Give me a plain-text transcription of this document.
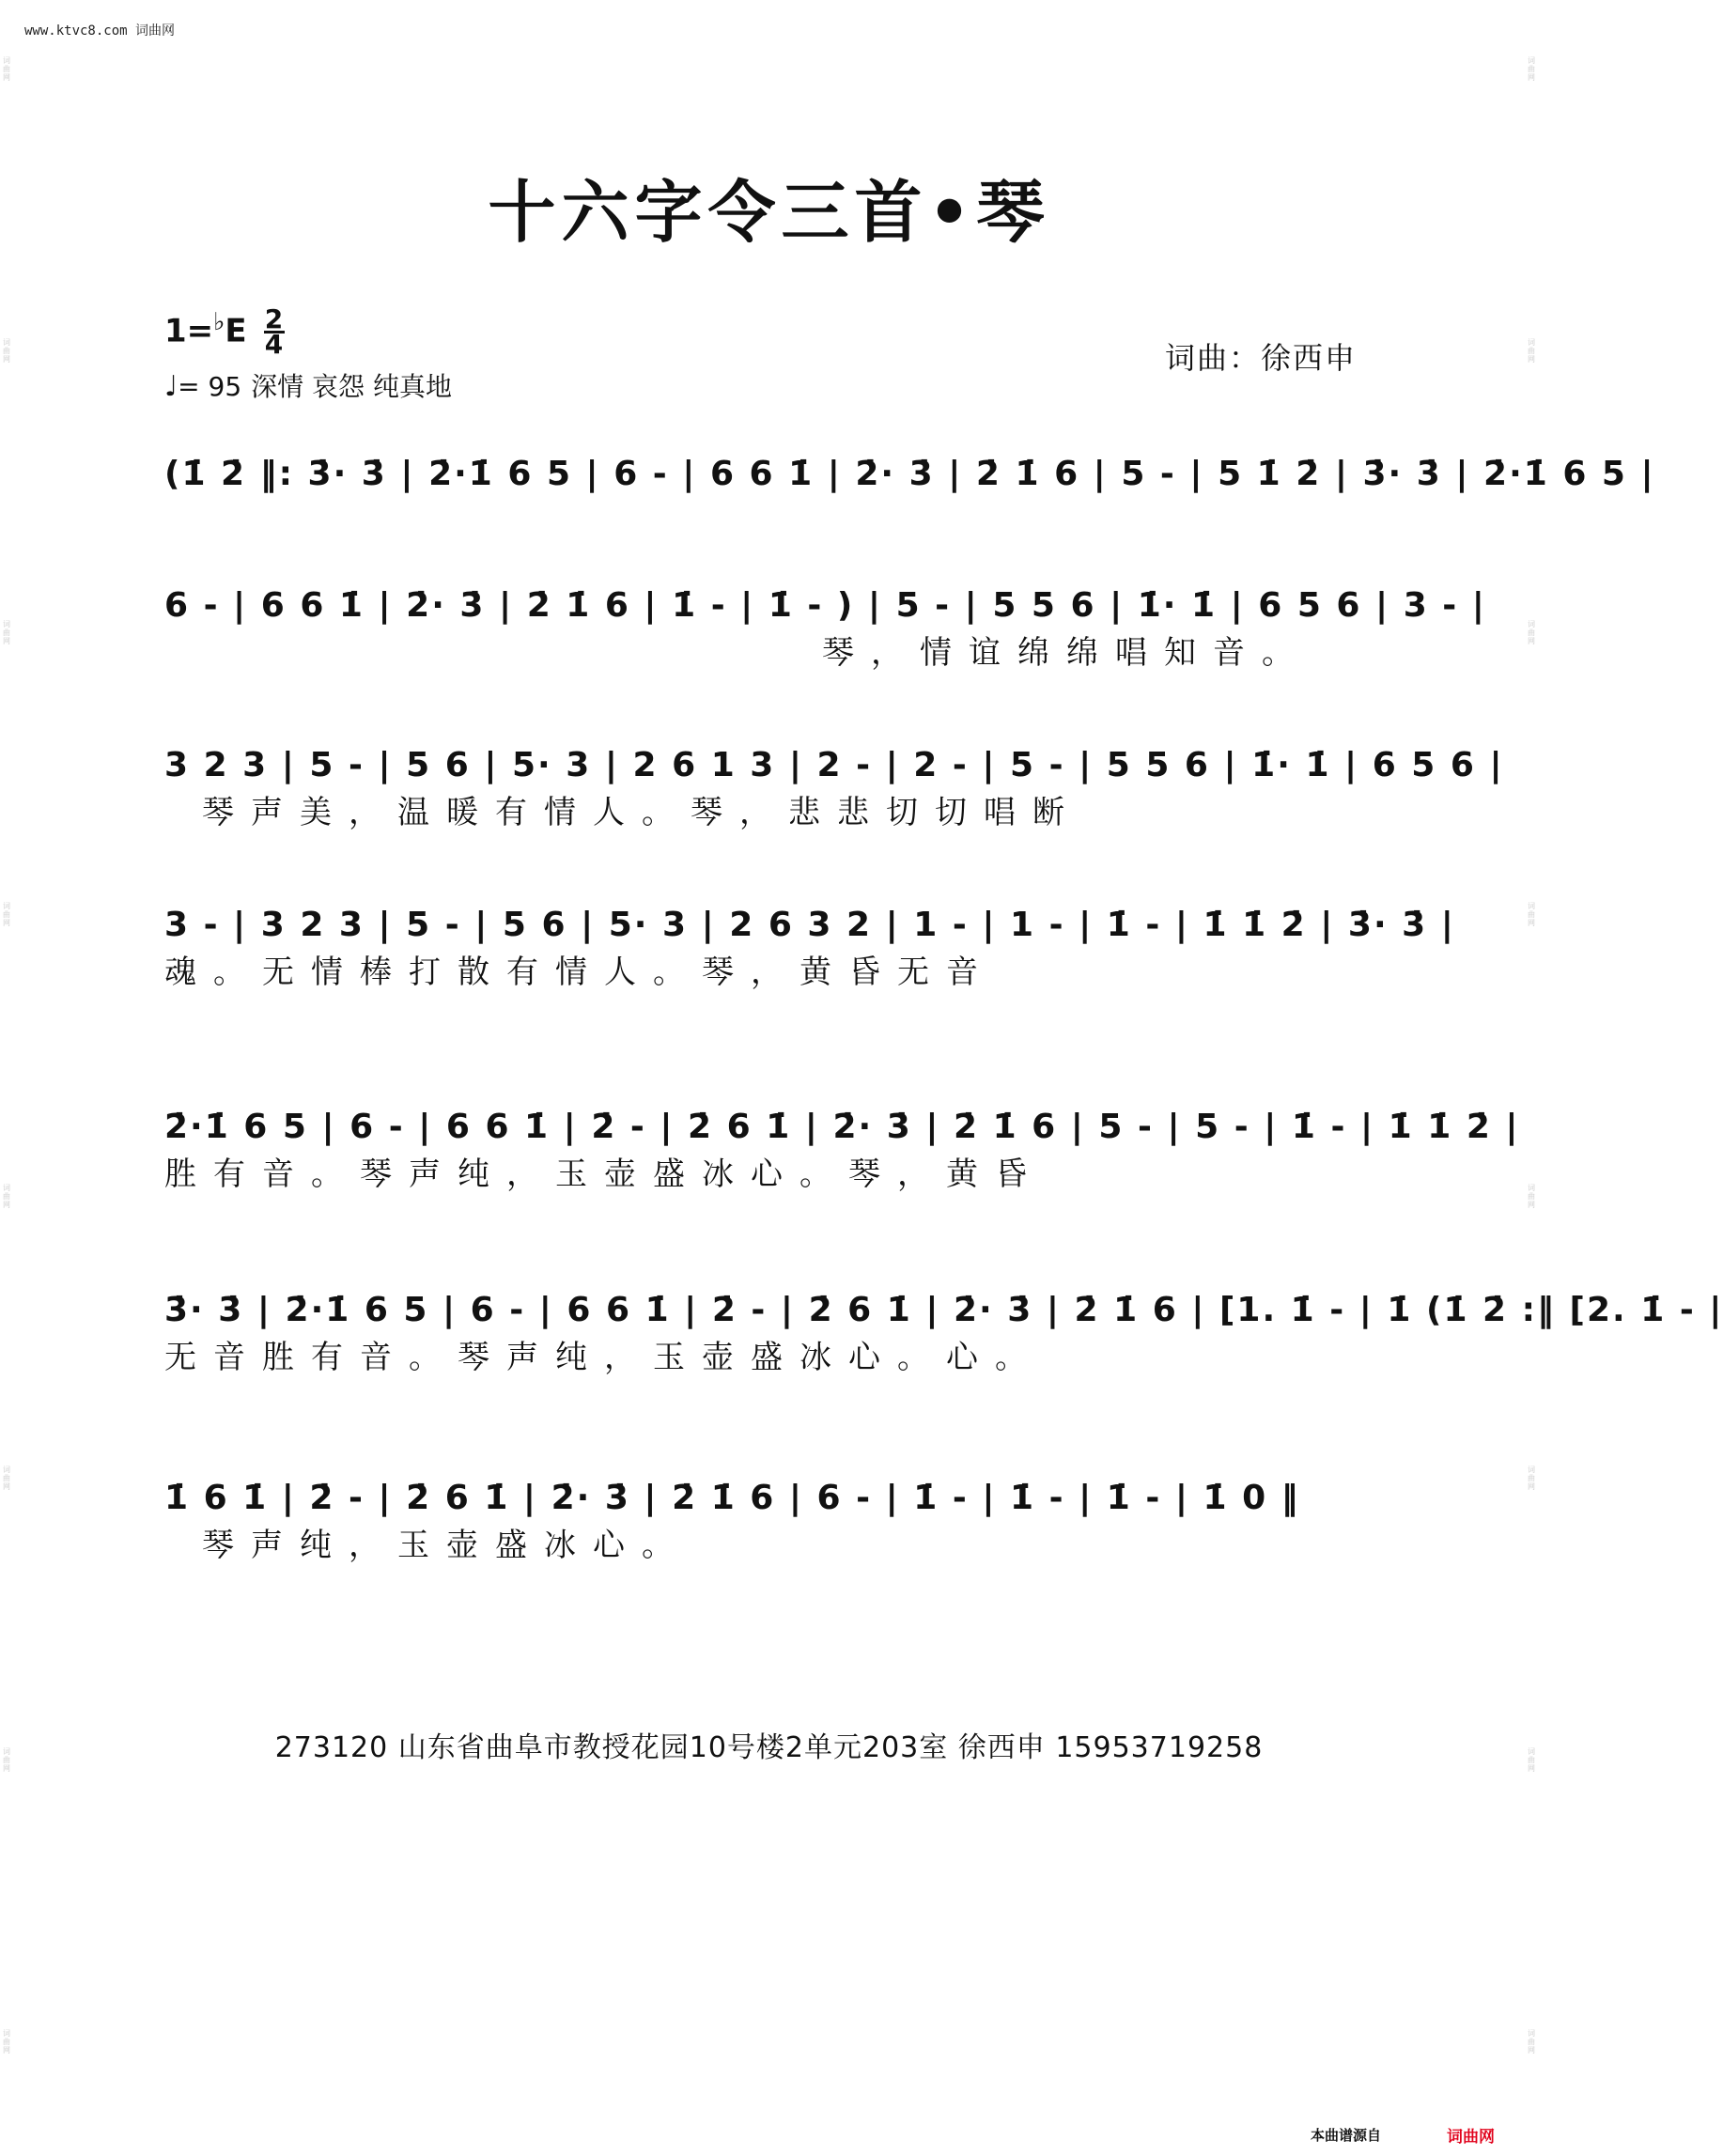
www.ktvc8.com 词曲网
词曲网
词曲网
词曲网
词曲网
词曲网
词曲网
词曲网
词曲网
词曲网
词曲网
词曲网
词曲网
词曲网
词曲网
词曲网
词曲网
十六字令三首•琴
$1=^♭E \frac{2}{4}$
♩= 95 深情 哀怨 纯真地
词曲：徐西申
(1̇ 2̇ ‖: 3̇· 3̇ | 2̇·1̇ 6 5 | 6 - | 6 6 1̇ | 2̇· 3̇ | 2̇ 1̇ 6 | 5 - | 5 1̇ 2̇ | 3̇· 3̇ | 2̇·1̇ 6 5 |
6 - | 6 6 1̇ | 2̇· 3̇ | 2̇ 1̇ 6 | 1̇ - | 1̇ - ) | 5 - | 5 5 6 | 1̇· 1̇ | 6 5 6 | 3 - |
琴，情谊绵绵唱知音。
3 2 3 | 5 - | 5 6 | 5· 3 | 2 6 1 3 | 2 - | 2 - | 5 - | 5 5 6 | 1̇· 1̇ | 6 5 6 |
琴声美，温暖有情人。琴，悲悲切切唱断
3 - | 3 2 3 | 5 - | 5 6 | 5· 3 | 2 6 3 2 | 1 - | 1 - | 1̇ - | 1̇ 1̇ 2̇ | 3̇· 3̇ |
魂。无情棒打散有情人。琴，黄昏无音
2̇·1̇ 6 5 | 6 - | 6 6 1̇ | 2̇ - | 2̇ 6 1̇ | 2̇· 3̇ | 2̇ 1̇ 6 | 5 - | 5 - | 1̇ - | 1̇ 1̇ 2̇ |
胜有音。琴声纯，玉壶盛冰心。琴，黄昏
3̇· 3̇ | 2̇·1̇ 6 5 | 6 - | 6 6 1̇ | 2̇ - | 2̇ 6 1̇ | 2̇· 3̇ | 2̇ 1̇ 6 | [1. 1̇ - | 1̇ (1̇ 2̇ :‖ [2. 1̇ - |
无音胜有音。琴声纯，玉壶盛冰心。心。
1̇ 6 1̇ | 2̇ - | 2̇ 6 1̇ | 2̇· 3̇ | 2̇ 1̇ 6 | 6 - | 1̇ - | 1̇ - | 1̇ - | 1̇ 0 ‖
琴声纯，玉壶盛冰心。
273120 山东省曲阜市教授花园10号楼2单元203室 徐西申 15953719258
本曲谱源自	词曲网
